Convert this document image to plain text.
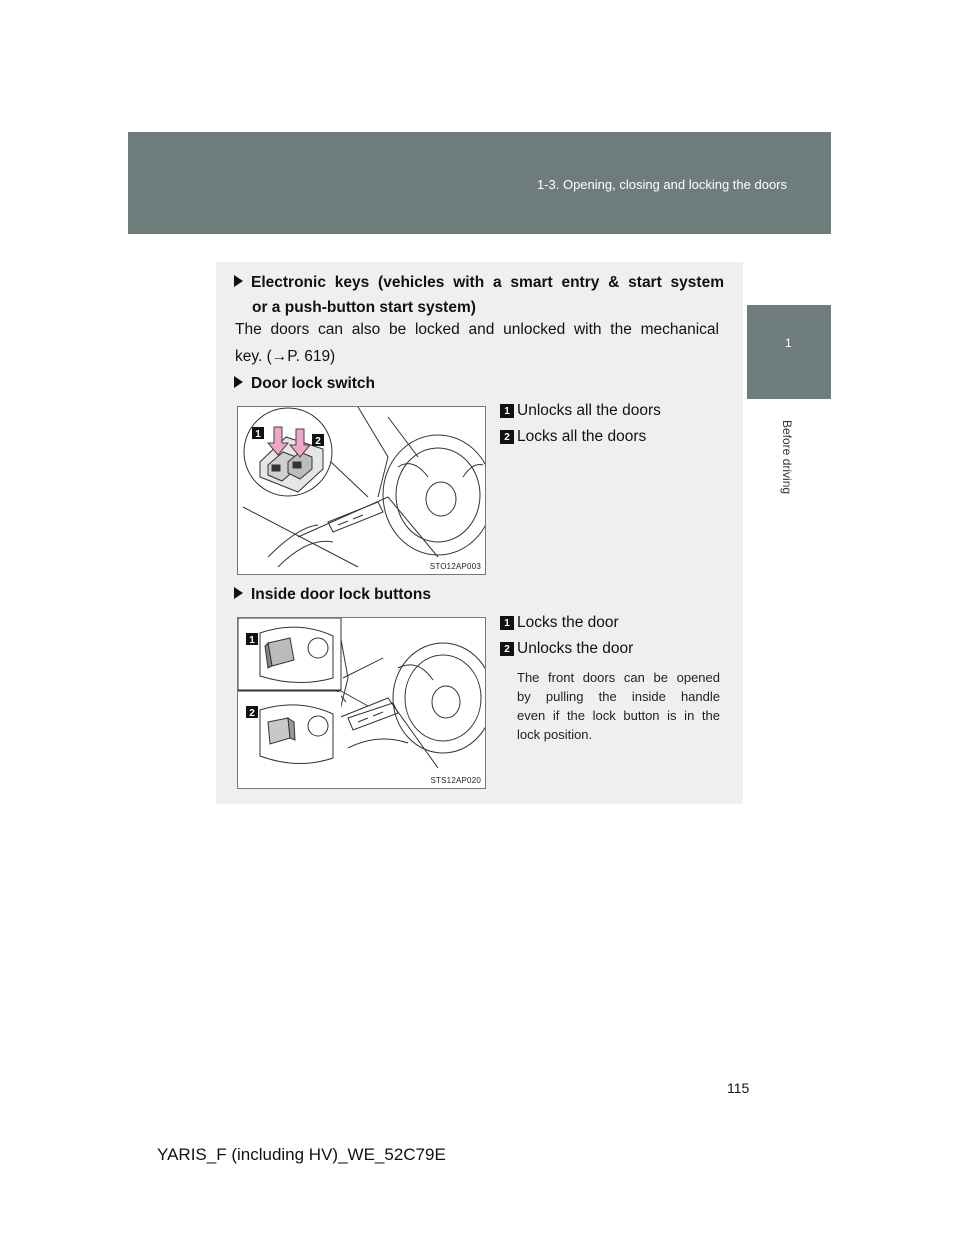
1-3. Opening, closing and locking the doors
1
Before driving
Electronic keys (vehicles with a smart entry & start system
or a push-button start system)
The doors can also be locked and unlocked with the mechanical
key. (→P. 619)
Door lock switch
1
2
STO12AP003
1 Unlocks all the doors
2 Locks all the doors
Inside door lock buttons
1
2
STS12AP020
1 Locks the door
2 Unlocks the door
The front doors can be opened
by pulling the inside handle
even if the lock button is in the
lock position.
115
YARIS_F (including HV)_WE_52C79E
